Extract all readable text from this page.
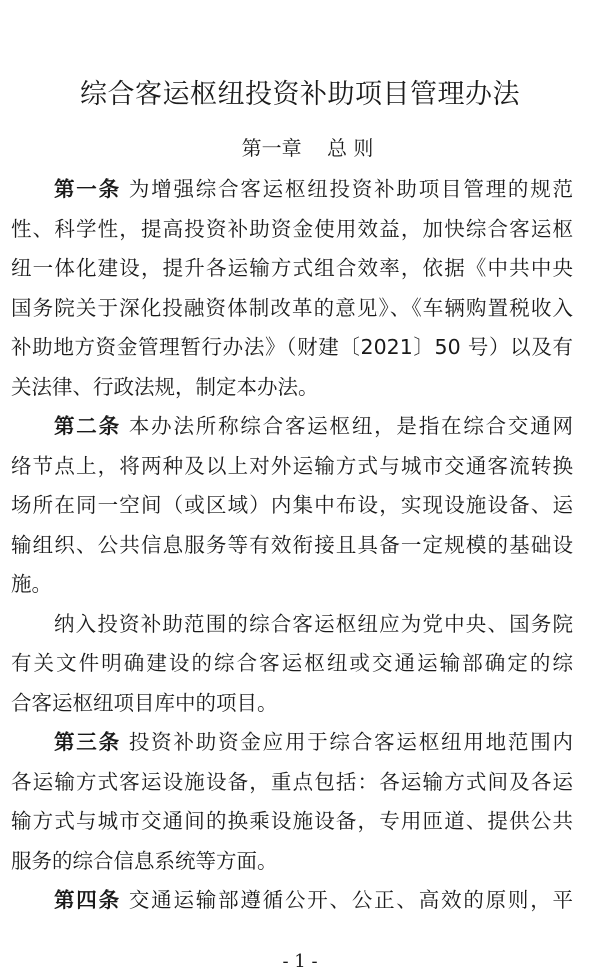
综合客运枢纽投资补助项目管理办法
第一章 总 则
第一条 为增强综合客运枢纽投资补助项目管理的规范
性、科学性，提高投资补助资金使用效益，加快综合客运枢
纽一体化建设，提升各运输方式组合效率，依据《中共中央
国务院关于深化投融资体制改革的意见》、《车辆购置税收入
补助地方资金管理暂行办法》（财建〔2021〕50 号）以及有
关法律、行政法规，制定本办法。
第二条 本办法所称综合客运枢纽，是指在综合交通网
络节点上，将两种及以上对外运输方式与城市交通客流转换
场所在同一空间（或区域）内集中布设，实现设施设备、运
输组织、公共信息服务等有效衔接且具备一定规模的基础设
施。
纳入投资补助范围的综合客运枢纽应为党中央、国务院
有关文件明确建设的综合客运枢纽或交通运输部确定的综
合客运枢纽项目库中的项目。
第三条 投资补助资金应用于综合客运枢纽用地范围内
各运输方式客运设施设备，重点包括：各运输方式间及各运
输方式与城市交通间的换乘设施设备，专用匝道、提供公共
服务的综合信息系统等方面。
第四条 交通运输部遵循公开、公正、高效的原则，平
- 1 -
